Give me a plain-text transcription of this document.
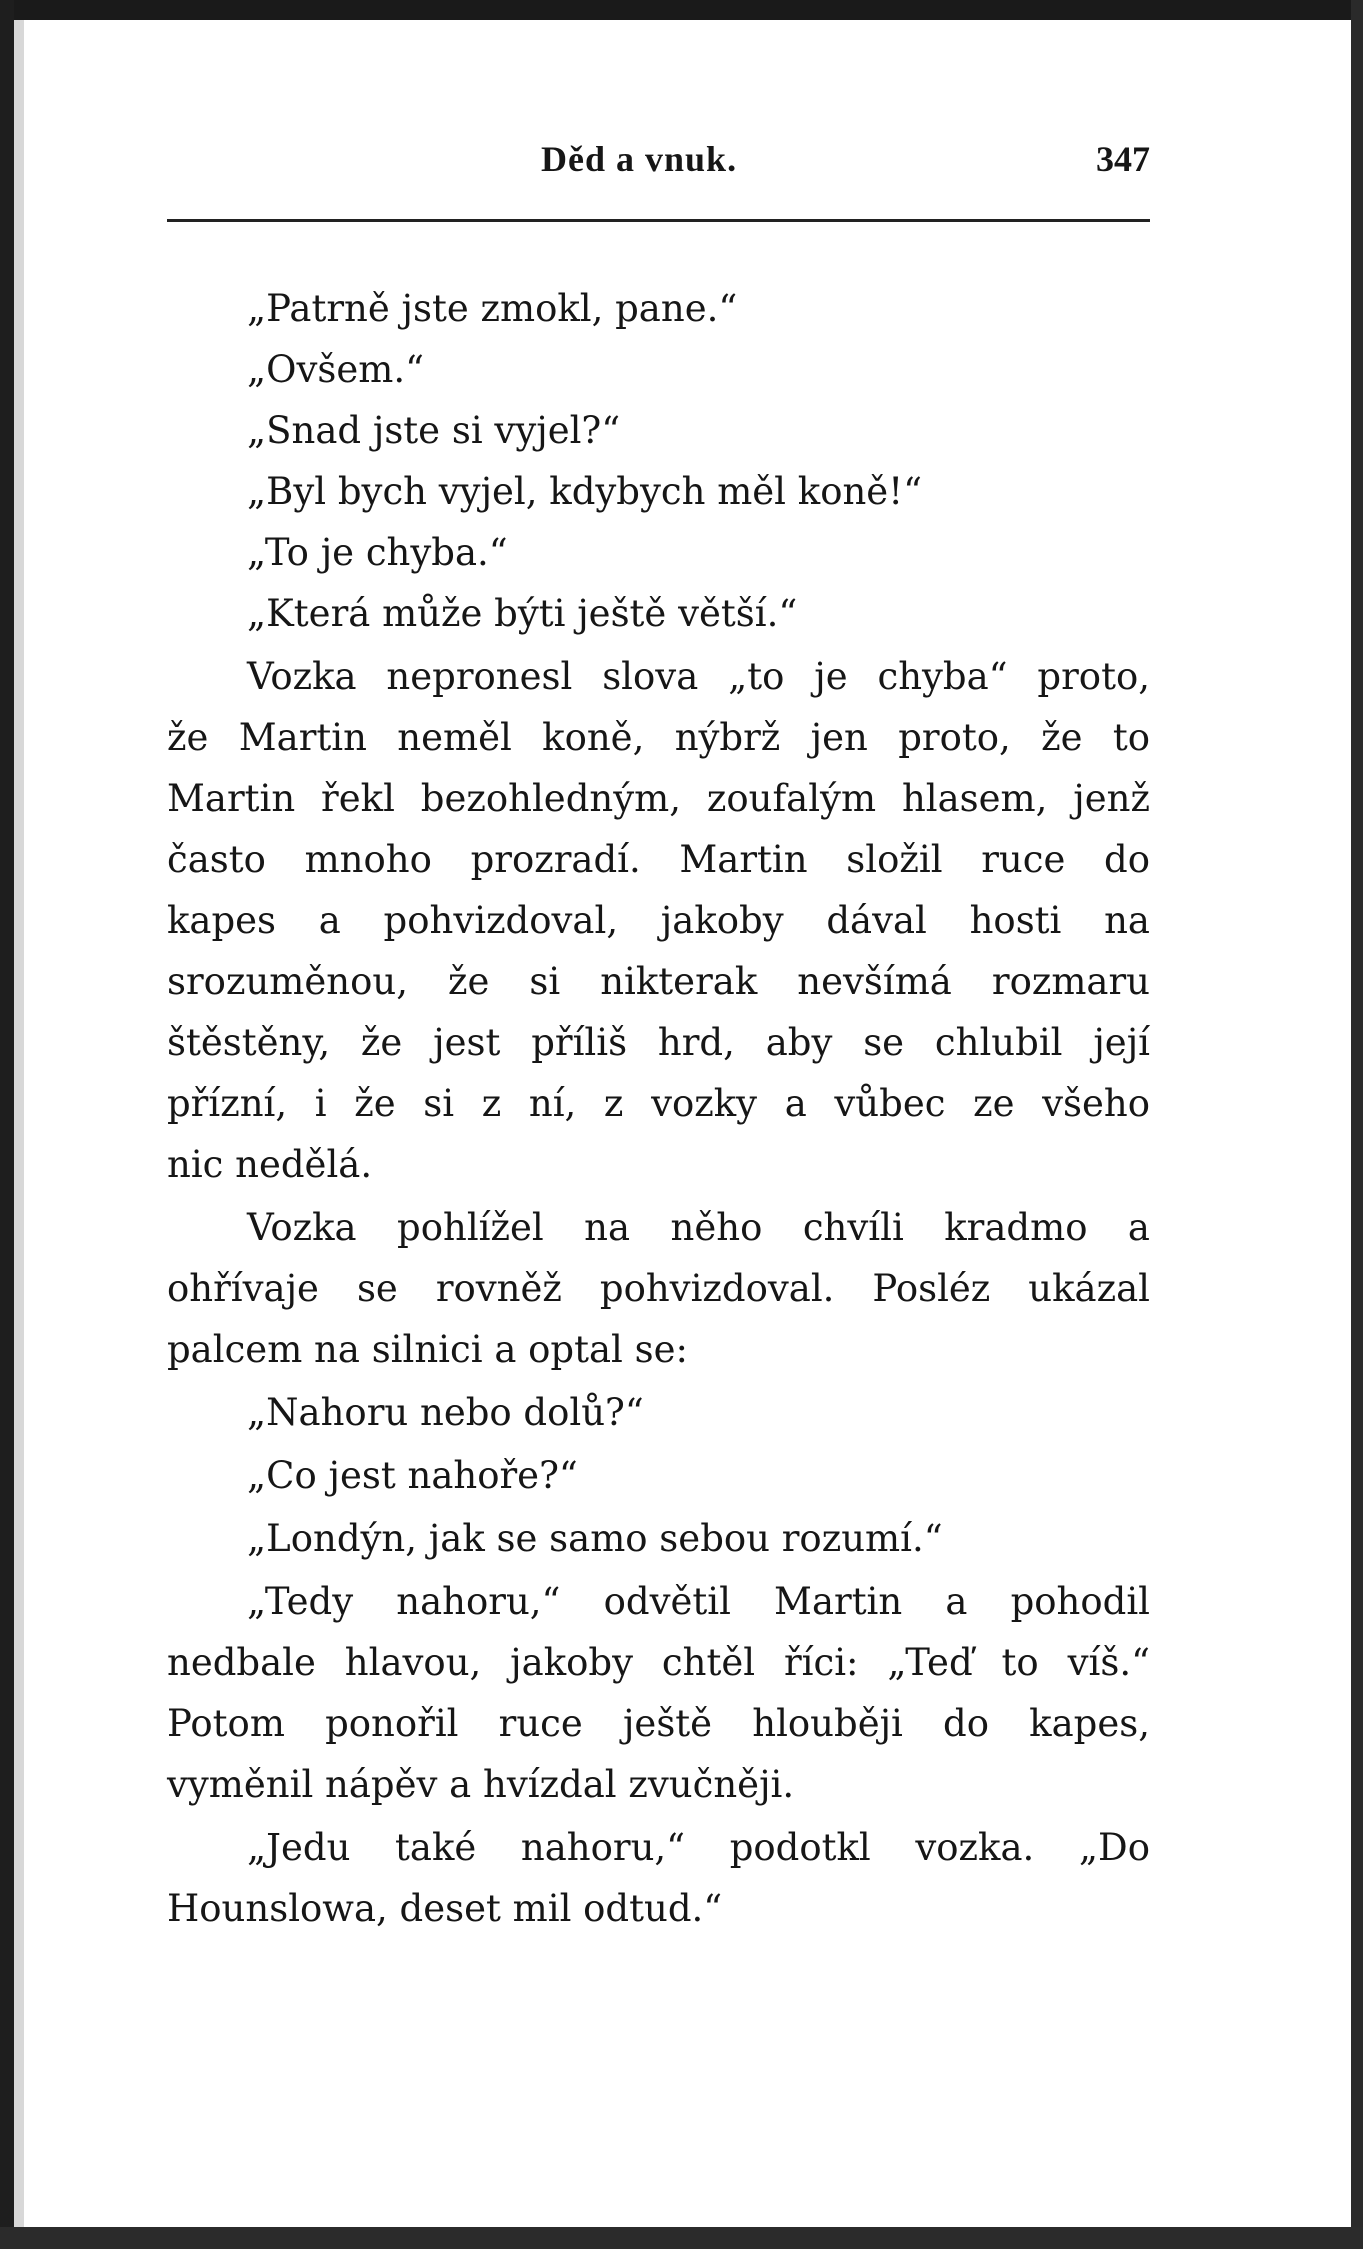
Děd a vnuk.	347
„Patrně jste zmokl, pane.“
„Ovšem.“
„Snad jste si vyjel?“
„Byl bych vyjel, kdybych měl koně!“
„To je chyba.“
„Která může býti ještě větší.“
Vozka nepronesl slova „to je chyba“ proto,
že Martin neměl koně, nýbrž jen proto, že to
Martin řekl bezohledným, zoufalým hlasem, jenž
často mnoho prozradí. Martin složil ruce do
kapes a pohvizdoval, jakoby dával hosti na
srozuměnou, že si nikterak nevšímá rozmaru
štěstěny, že jest příliš hrd, aby se chlubil její
přízní, i že si z ní, z vozky a vůbec ze všeho
nic nedělá.
Vozka pohlížel na něho chvíli kradmo a
ohřívaje se rovněž pohvizdoval. Posléz ukázal
palcem na silnici a optal se:
„Nahoru nebo dolů?“
„Co jest nahoře?“
„Londýn, jak se samo sebou rozumí.“
„Tedy nahoru,“ odvětil Martin a pohodil
nedbale hlavou, jakoby chtěl říci: „Teď to víš.“
Potom ponořil ruce ještě hlouběji do kapes,
vyměnil nápěv a hvízdal zvučněji.
„Jedu také nahoru,“ podotkl vozka. „Do
Hounslowa, deset mil odtud.“
